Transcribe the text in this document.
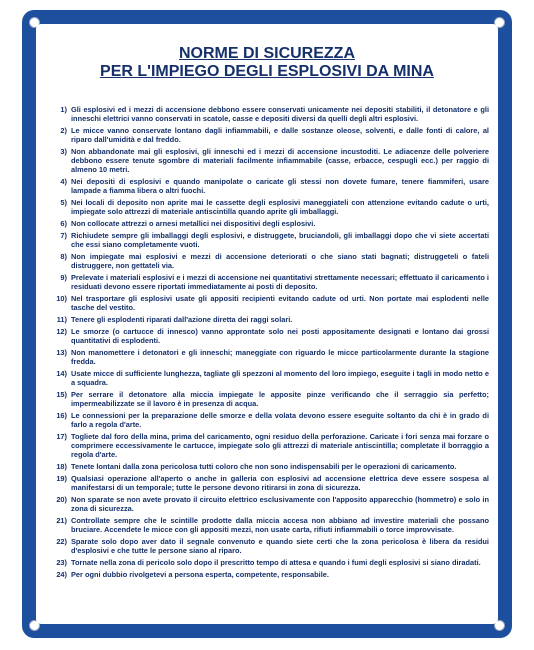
NORME DI SICUREZZA
PER L'IMPIEGO DEGLI ESPLOSIVI DA MINA
1) Gli esplosivi ed i mezzi di accensione debbono essere conservati unicamente nei depositi stabiliti, il detonatore e gli inneschi elettrici vanno conservati in scatole, casse e depositi diversi da quelli degli altri esplosivi.
2) Le micce vanno conservate lontano dagli infiammabili, e dalle sostanze oleose, solventi, e dalle fonti di calore, al riparo dall'umidità e dal freddo.
3) Non abbandonate mai gli esplosivi, gli inneschi ed i mezzi di accensione incustoditi. Le adiacenze delle polveriere debbono essere tenute sgombre di materiali facilmente infiammabile (casse, erbacce, cespugli ecc.) per raggio di almeno 10 metri.
4) Nei depositi di esplosivi e quando manipolate o caricate gli stessi non dovete fumare, tenere fiammiferi, usare lampade a fiamma libera o altri fuochi.
5) Nei locali di deposito non aprite mai le cassette degli esplosivi maneggiateli con attenzione evitando cadute o urti, impiegate solo attrezzi di materiale antiscintilla quando aprite gli imballaggi.
6) Non collocate attrezzi o arnesi metallici nei dispositivi degli esplosivi.
7) Richiudete sempre gli imballaggi degli esplosivi, e distruggete, bruciandoli, gli imballaggi dopo che vi siete accertati che essi siano completamente vuoti.
8) Non impiegate mai esplosivi e mezzi di accensione deteriorati o che siano stati bagnati; distruggeteli o fateli distruggere, non gettateli via.
9) Prelevate i materiali esplosivi e i mezzi di accensione nei quantitativi strettamente necessari; effettuato il caricamento i residuati devono essere riportati immediatamente ai posti di deposito.
10) Nel trasportare gli esplosivi usate gli appositi recipienti evitando cadute od urti. Non portate mai esplodenti nelle tasche del vestito.
11) Tenere gli esplodenti riparati dall'azione diretta dei raggi solari.
12) Le smorze (o cartucce di innesco) vanno approntate solo nei posti appositamente designati e lontano dai grossi quantitativi di esplodenti.
13) Non manomettere i detonatori e gli inneschi; maneggiate con riguardo le micce particolarmente durante la stagione fredda.
14) Usate micce di sufficiente lunghezza, tagliate gli spezzoni al momento del loro impiego, eseguite i tagli in modo netto e a squadra.
15) Per serrare il detonatore alla miccia impiegate le apposite pinze verificando che il serraggio sia perfetto; impermeabilizzate se il lavoro è in presenza di acqua.
16) Le connessioni per la preparazione delle smorze e della volata devono essere eseguite soltanto da chi è in grado di farlo a regola d'arte.
17) Togliete dal foro della mina, prima del caricamento, ogni residuo della perforazione. Caricate i fori senza mai forzare o comprimere eccessivamente le cartucce, impiegate solo gli attrezzi di materiale antiscintilla; completate il borraggio a regola d'arte.
18) Tenete lontani dalla zona pericolosa tutti coloro che non sono indispensabili per le operazioni di caricamento.
19) Qualsiasi operazione all'aperto o anche in galleria con esplosivi ad accensione elettrica deve essere sospesa al manifestarsi di un temporale; tutte le persone devono ritirarsi in zona di sicurezza.
20) Non sparate se non avete provato il circuito elettrico esclusivamente con l'apposito apparecchio (hommetro) e solo in zona di sicurezza.
21) Controllate sempre che le scintille prodotte dalla miccia accesa non abbiano ad investire materiali che possano bruciare. Accendete le micce con gli appositi mezzi, non usate carta, rifiuti infiammabili o torce improvvisate.
22) Sparate solo dopo aver dato il segnale convenuto e quando siete certi che la zona pericolosa è libera da residui d'esplosivi e che tutte le persone siano al riparo.
23) Tornate nella zona di pericolo solo dopo il prescritto tempo di attesa e quando i fumi degli esplosivi si siano diradati.
24) Per ogni dubbio rivolgetevi a persona esperta, competente, responsabile.
